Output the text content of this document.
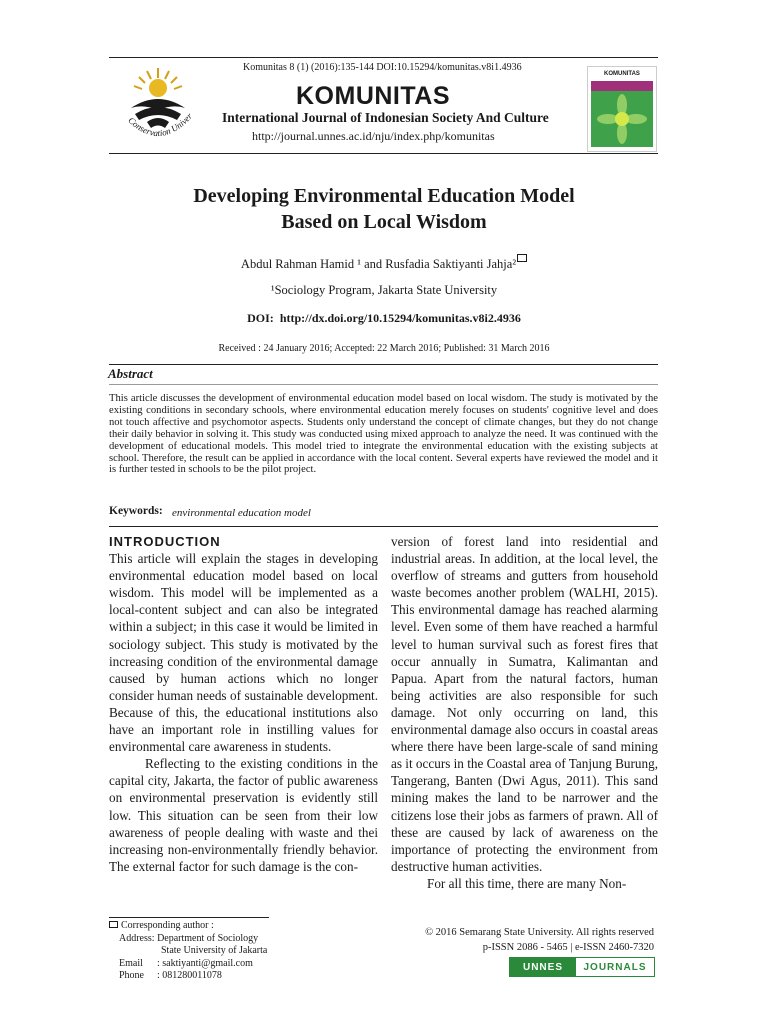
Conservation Univer
Komunitas 8 (1) (2016):135-144 DOI:10.15294/komunitas.v8i1.4936
KOMUNITAS
International Journal of Indonesian Society And Culture
http://journal.unnes.ac.id/nju/index.php/komunitas
KOMUNITAS
Developing Environmental Education Model
Based on Local Wisdom
Abdul Rahman Hamid ¹ and Rusfadia Saktiyanti Jahja²
¹Sociology Program, Jakarta State University
DOI: http://dx.doi.org/10.15294/komunitas.v8i2.4936
Received : 24 January 2016; Accepted: 22 March 2016; Published: 31 March 2016
Abstract
This article discusses the development of environmental education model based on local wisdom. The study is motivated by the existing conditions in secondary schools, where environmental education merely focuses on students' cognitive level and does not touch affective and psychomotor aspects. Students only understand the concept of climate changes, but they do not change their daily behavior in solving it. This study was conducted using mixed approach to analyze the need. It was continued with the development of educational models. This model tried to integrate the environmental education with the existing subjects at school. Therefore, the result can be applied in accordance with the local content. Several experts have reviewed the model and it is further tested in schools to be the pilot project.
Keywords: environmental education model
INTRODUCTION

This article will explain the stages in developing environmental education model based on local wisdom. This model will be implemented as a local-content subject and can also be integrated within a subject; in this case it would be limited in sociology subject. This study is motivated by the increasing condition of the environmental damage caused by human actions which no longer consider human needs of sustainable development. Because of this, the educational institutions also have an important role in instilling values for environmental care awareness in students.

Reflecting to the existing conditions in the capital city, Jakarta, the factor of public awareness on environmental preservation is evidently still low. This situation can be seen from their low awareness of people dealing with waste and thei increasing non-environmentally friendly behavior. The external factor for such damage is the con-

version of forest land into residential and industrial areas. In addition, at the local level, the overflow of streams and gutters from household waste becomes another problem (WALHI, 2015). This environmental damage has reached alarming level. Even some of them have reached a harmful level to human survival such as forest fires that occur annually in Sumatra, Kalimantan and Papua. Apart from the natural factors, human being activities are also responsible for such damage. Not only occurring on land, this environmental damage also occurs in coastal areas where there have been large-scale of sand mining as it occurs in the Coastal area of Tanjung Burung, Tangerang, Banten (Dwi Agus, 2011). This sand mining makes the land to be narrower and the citizens lose their jobs as farmers of prawn. All of these are caused by lack of awareness on the importance of protecting the environment from destructive human activities.

For all this time, there are many Non-

Corresponding author :
Address: Department of Sociology
State University of Jakarta
Email : saktiyanti@gmail.com
Phone : 081280011078
© 2016 Semarang State University. All rights reserved
p-ISSN 2086 - 5465 | e-ISSN 2460-7320
UNNES	JOURNALS
